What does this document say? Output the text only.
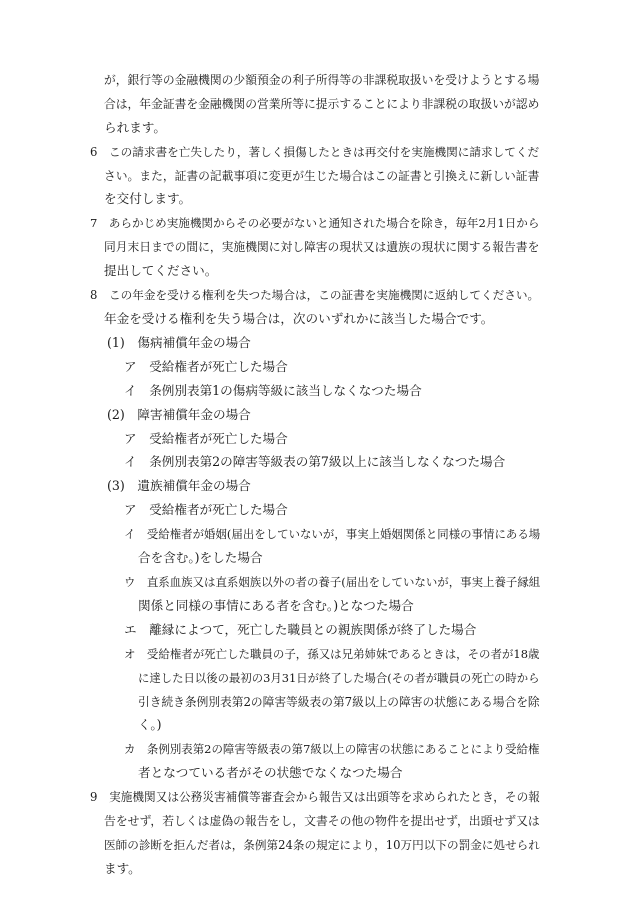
が，銀行等の金融機関の少額預金の利子所得等の非課税取扱いを受けようとする場
合は，年金証書を金融機関の営業所等に提示することにより非課税の取扱いが認め
られます。
6　この請求書を亡失したり，著しく損傷したときは再交付を実施機関に請求してくだ
さい。また，証書の記載事項に変更が生じた場合はこの証書と引換えに新しい証書
を交付します。
7　あらかじめ実施機関からその必要がないと通知された場合を除き，毎年2月1日から
同月末日までの間に，実施機関に対し障害の現状又は遺族の現状に関する報告書を
提出してください。
8　この年金を受ける権利を失つた場合は，この証書を実施機関に返納してください。
年金を受ける権利を失う場合は，次のいずれかに該当した場合です。
(1)　傷病補償年金の場合
ア　受給権者が死亡した場合
イ　条例別表第1の傷病等級に該当しなくなつた場合
(2)　障害補償年金の場合
ア　受給権者が死亡した場合
イ　条例別表第2の障害等級表の第7級以上に該当しなくなつた場合
(3)　遺族補償年金の場合
ア　受給権者が死亡した場合
イ　受給権者が婚姻(届出をしていないが，事実上婚姻関係と同様の事情にある場
合を含む。)をした場合
ウ　直系血族又は直系姻族以外の者の養子(届出をしていないが，事実上養子縁組
関係と同様の事情にある者を含む。)となつた場合
エ　離縁によつて，死亡した職員との親族関係が終了した場合
オ　受給権者が死亡した職員の子，孫又は兄弟姉妹であるときは，その者が18歳
に達した日以後の最初の3月31日が終了した場合(その者が職員の死亡の時から
引き続き条例別表第2の障害等級表の第7級以上の障害の状態にある場合を除
く。)
カ　条例別表第2の障害等級表の第7級以上の障害の状態にあることにより受給権
者となつている者がその状態でなくなつた場合
9　実施機関又は公務災害補償等審査会から報告又は出頭等を求められたとき，その報
告をせず，若しくは虚偽の報告をし，文書その他の物件を提出せず，出頭せず又は
医師の診断を拒んだ者は，条例第24条の規定により，10万円以下の罰金に処せられ
ます。
